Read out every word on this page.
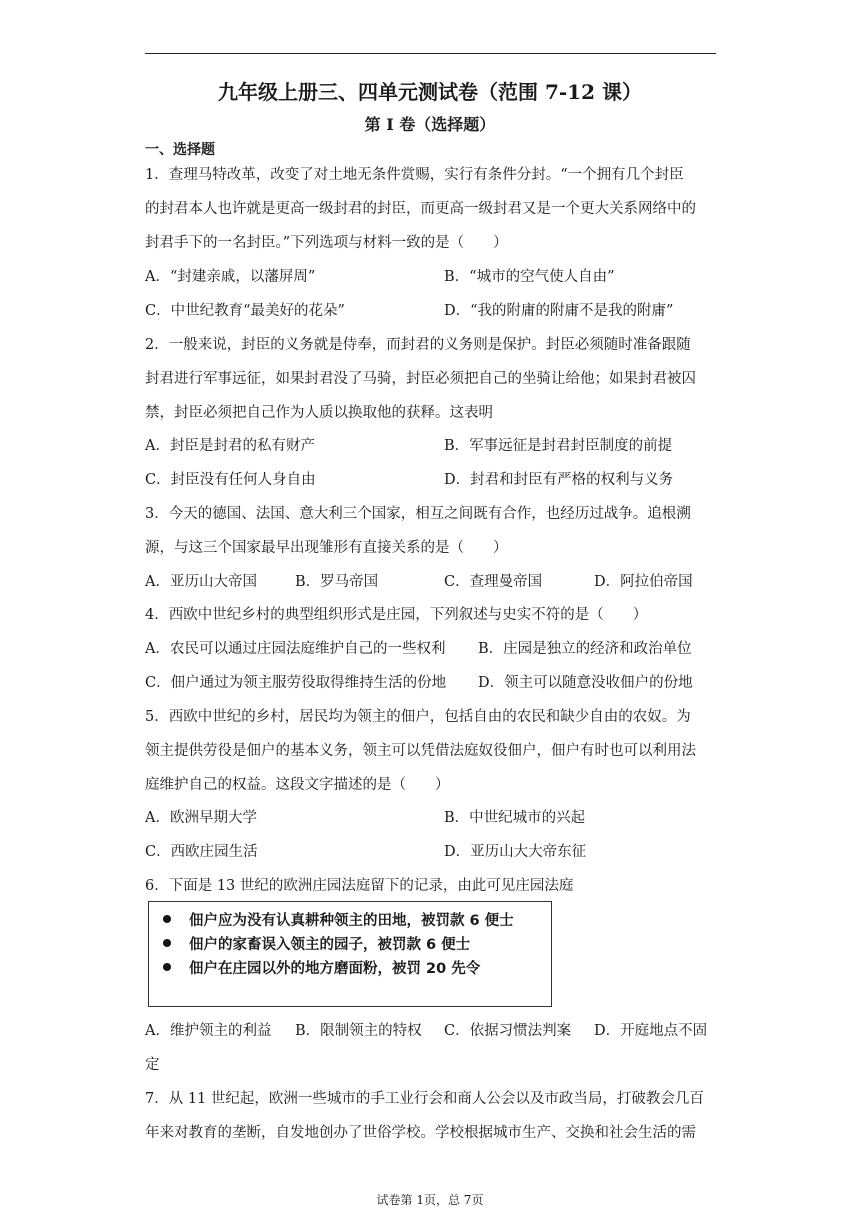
九年级上册三、四单元测试卷（范围 7-12 课）
第 I 卷（选择题）
一、选择题
1．查理马特改革，改变了对土地无条件赏赐，实行有条件分封。“一个拥有几个封臣
的封君本人也许就是更高一级封君的封臣，而更高一级封君又是一个更大关系网络中的
封君手下的一名封臣。”下列选项与材料一致的是（　　）
A．“封建亲戚，以藩屏周”	B．“城市的空气使人自由”
C．中世纪教育“最美好的花朵”	D．“我的附庸的附庸不是我的附庸”
2．一般来说，封臣的义务就是侍奉，而封君的义务则是保护。封臣必须随时准备跟随
封君进行军事远征，如果封君没了马骑，封臣必须把自己的坐骑让给他；如果封君被囚
禁，封臣必须把自己作为人质以换取他的获释。这表明
A．封臣是封君的私有财产	B．军事远征是封君封臣制度的前提
C．封臣没有任何人身自由	D．封君和封臣有严格的权利与义务
3．今天的德国、法国、意大利三个国家，相互之间既有合作，也经历过战争。追根溯
源，与这三个国家最早出现雏形有直接关系的是（　　）
A．亚历山大帝国	B．罗马帝国	C．查理曼帝国	D．阿拉伯帝国
4．西欧中世纪乡村的典型组织形式是庄园，下列叙述与史实不符的是（　　）
A．农民可以通过庄园法庭维护自己的一些权利 B．庄园是独立的经济和政治单位
C．佃户通过为领主服劳役取得维持生活的份地 D．领主可以随意没收佃户的份地
5．西欧中世纪的乡村，居民均为领主的佃户，包括自由的农民和缺少自由的农奴。为
领主提供劳役是佃户的基本义务，领主可以凭借法庭奴役佃户，佃户有时也可以利用法
庭维护自己的权益。这段文字描述的是（　　）
A．欧洲早期大学	B．中世纪城市的兴起
C．西欧庄园生活	D．亚历山大大帝东征
6．下面是 13 世纪的欧洲庄园法庭留下的记录，由此可见庄园法庭
佃户应为没有认真耕种领主的田地，被罚款 6 便士
佃户的家畜误入领主的园子，被罚款 6 便士
佃户在庄园以外的地方磨面粉，被罚 20 先令
A．维护领主的利益 B．限制领主的特权 C．依据习惯法判案 D．开庭地点不固
定
7．从 11 世纪起，欧洲一些城市的手工业行会和商人公会以及市政当局，打破教会几百
年来对教育的垄断，自发地创办了世俗学校。学校根据城市生产、交换和社会生活的需
试卷第 1页，总 7页
